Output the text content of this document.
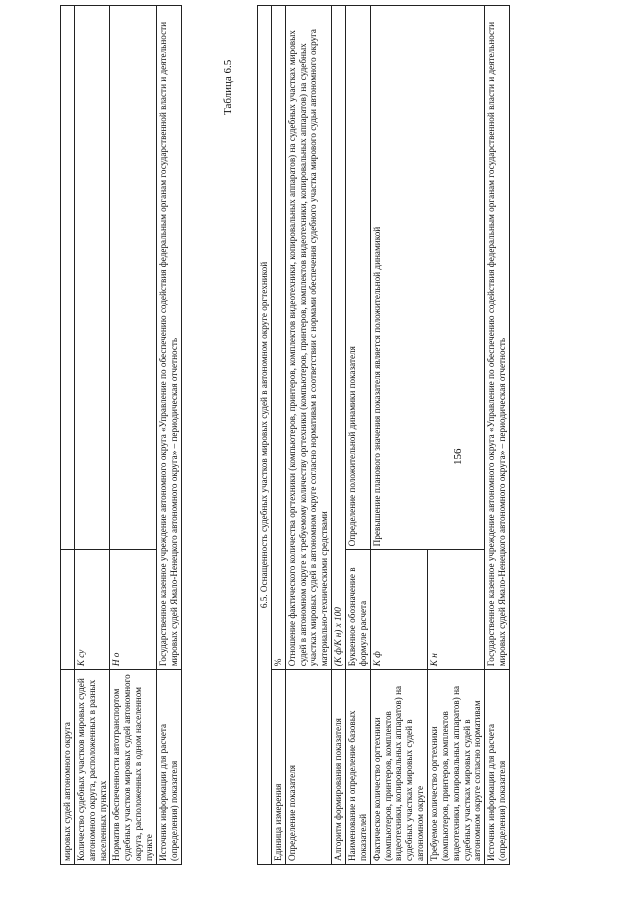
156
мировых судей автономного округа		
Количество судебных участков мировых судей автономного округа, расположенных в разных населенных пунктах	К су	
Норматив обеспеченности автотранспортом судебных участков мировых судей автономного округа, расположенных в одном населенном пункте	Н о	
Источник информации для расчета (определения) показателя	Государственное казенное учреждение автономного округа «Управление по обеспечению содействия федеральным органам государственной власти и деятельности мировых судей Ямало-Ненецкого автономного округа» – периодическая отчетность	
Таблица 6.5
6.5. Оснащенность судебных участков мировых судей в автономном округе оргтехникой		
Единица измерения	%	
Определение показателя	Отношение фактического количества оргтехники (компьютеров, принтеров, комплектов видеотехники, копировальных аппаратов) на судебных участках мировых судей в автономном округе к требуемому количеству оргтехники (компьютеров, принтеров, комплектов видеотехники, копировальных аппаратов) на судебных участках мировых судей в автономном округе согласно нормативам в соответствии с нормами обеспечения судебного участка мирового судьи автономного округа материально-техническими средствами	
Алгоритм формирования показателя	(К ф/К н) х 100	
Наименование и определение базовых показателей	Буквенное обозначение в формуле расчета	Определение положительной динамики показателя
Фактическое количество оргтехники (компьютеров, принтеров, комплектов видеотехники, копировальных аппаратов) на судебных участках мировых судей в автономном округе	К ф	Превышение планового значения показателя является положительной динамикой
Требуемое количество оргтехники (компьютеров, принтеров, комплектов видеотехники, копировальных аппаратов) на судебных участках мировых судей в автономном округе согласно нормативам	К н	
Источник информации для расчета (определения) показателя	Государственное казенное учреждение автономного округа «Управление по обеспечению содействия федеральным органам государственной власти и деятельности мировых судей Ямало-Ненецкого автономного округа» – периодическая отчетность	
